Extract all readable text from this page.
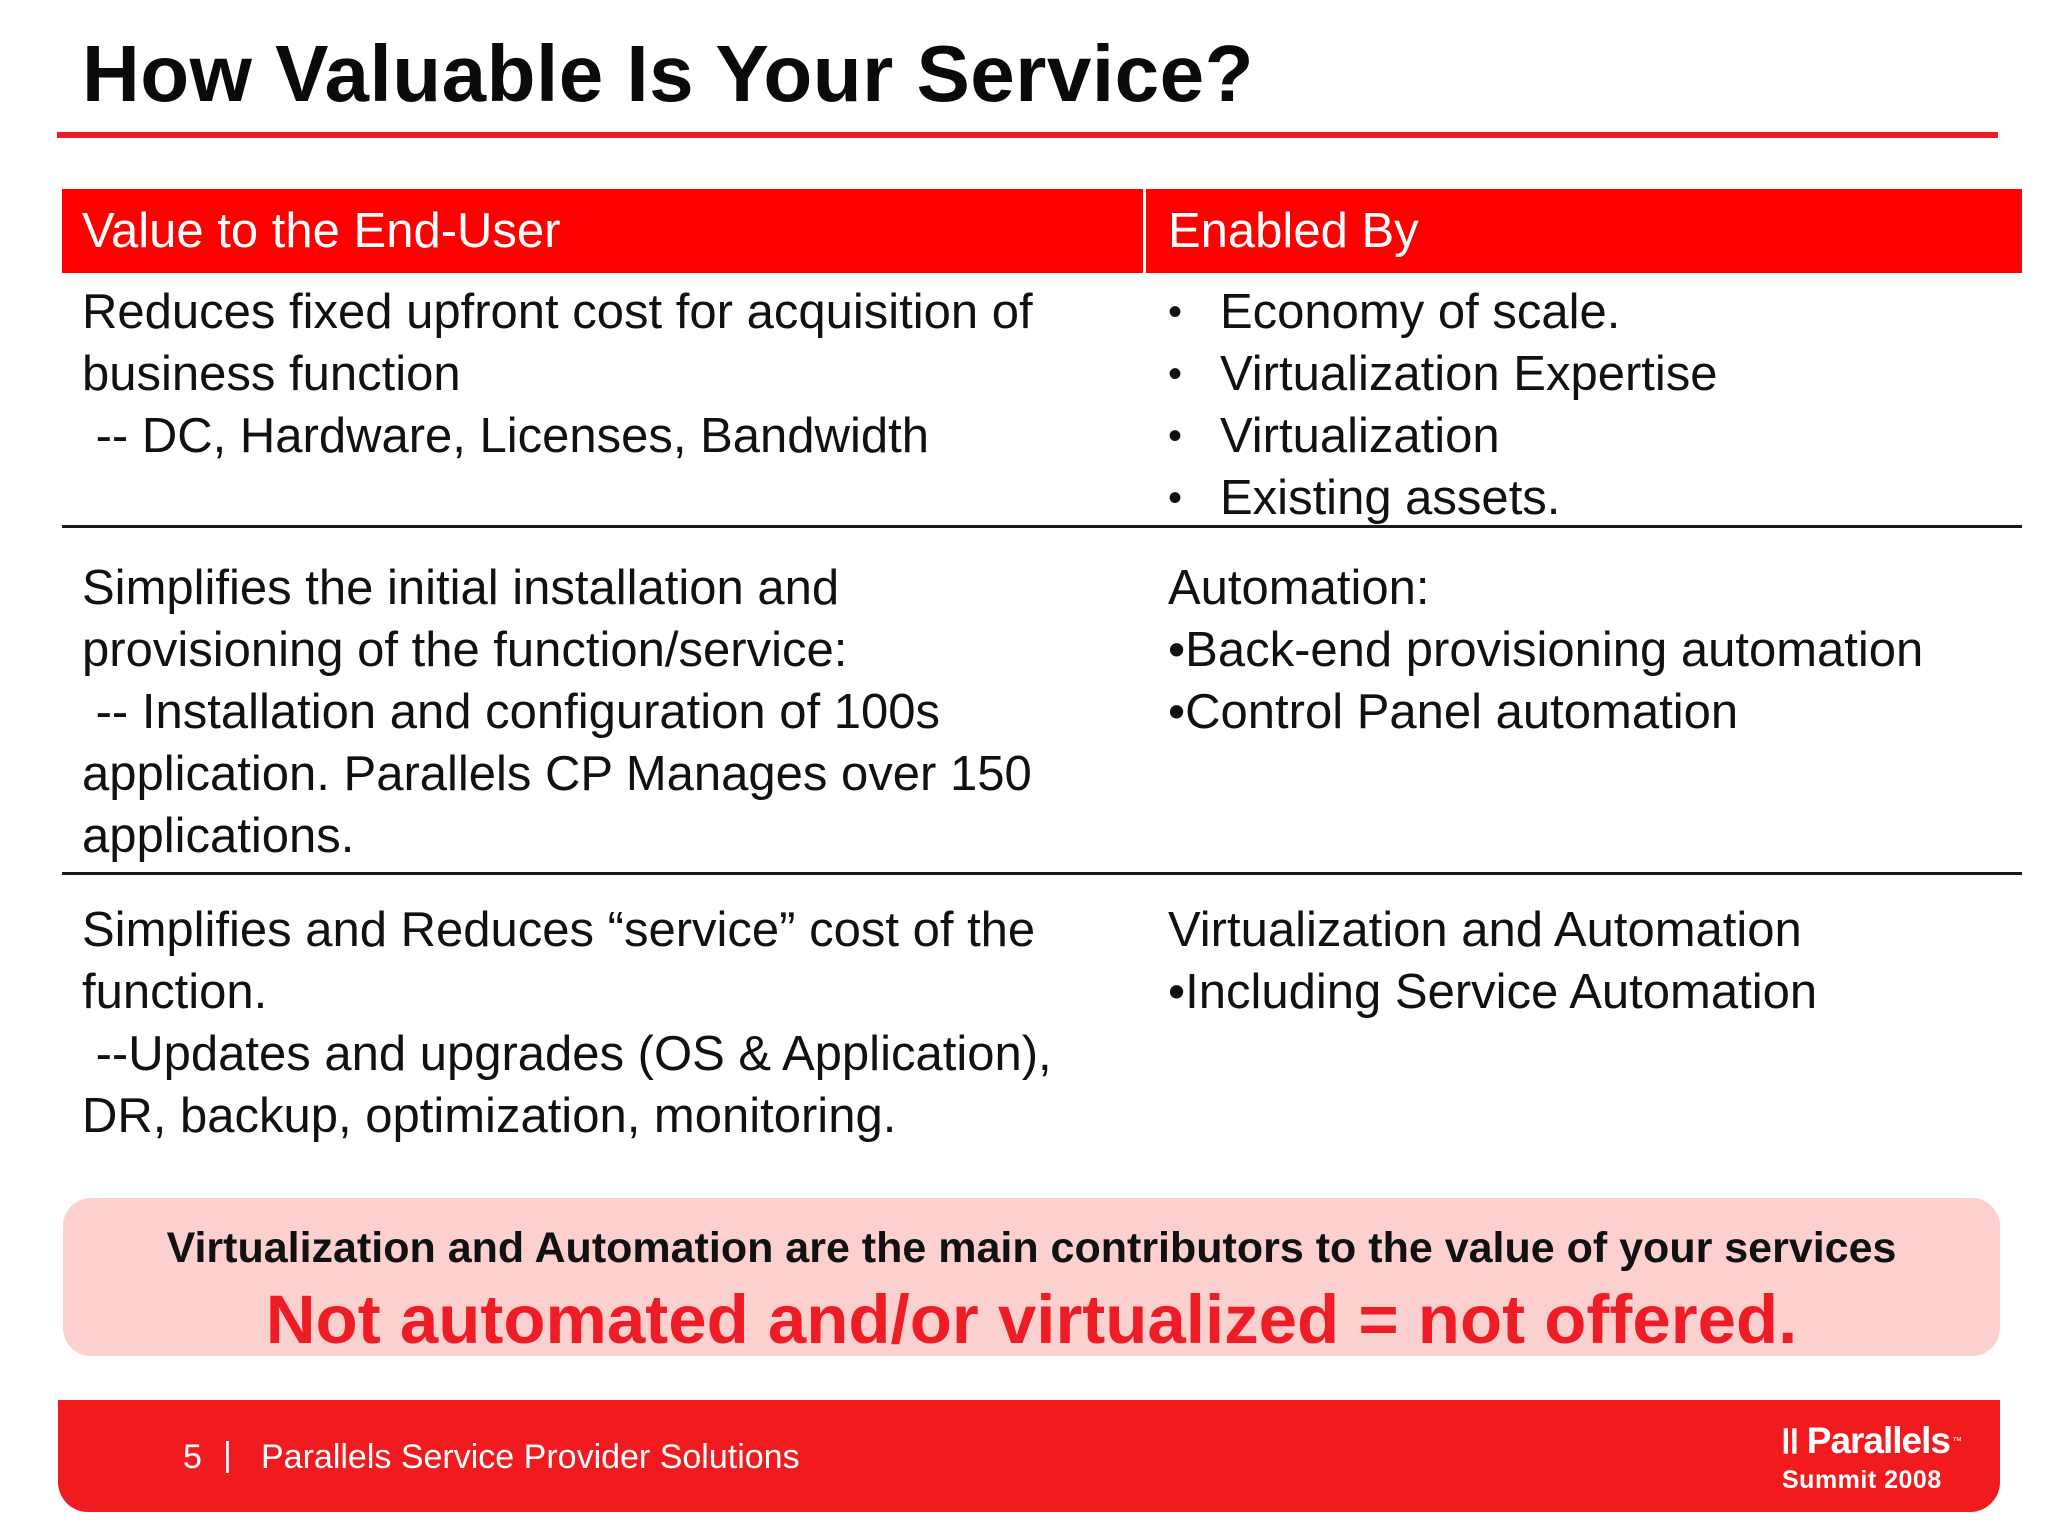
How Valuable Is Your Service?
Value to the End-User	Enabled By
Reduces fixed upfront cost for acquisition of
business function
-- DC, Hardware, Licenses, Bandwidth
• Economy of scale.
• Virtualization Expertise
• Virtualization
• Existing assets.
Simplifies the initial installation and
provisioning of the function/service:
-- Installation and configuration of 100s
application. Parallels CP Manages over 150
applications.
Automation:
•Back-end provisioning automation
•Control Panel automation
Simplifies and Reduces “service” cost of the
function.
--Updates and upgrades (OS & Application),
DR, backup, optimization, monitoring.
Virtualization and Automation
•Including Service Automation
Virtualization and Automation are the main contributors to the value of your services
Not automated and/or virtualized = not offered.
5 | Parallels Service Provider Solutions	Parallels ™
Summit 2008
